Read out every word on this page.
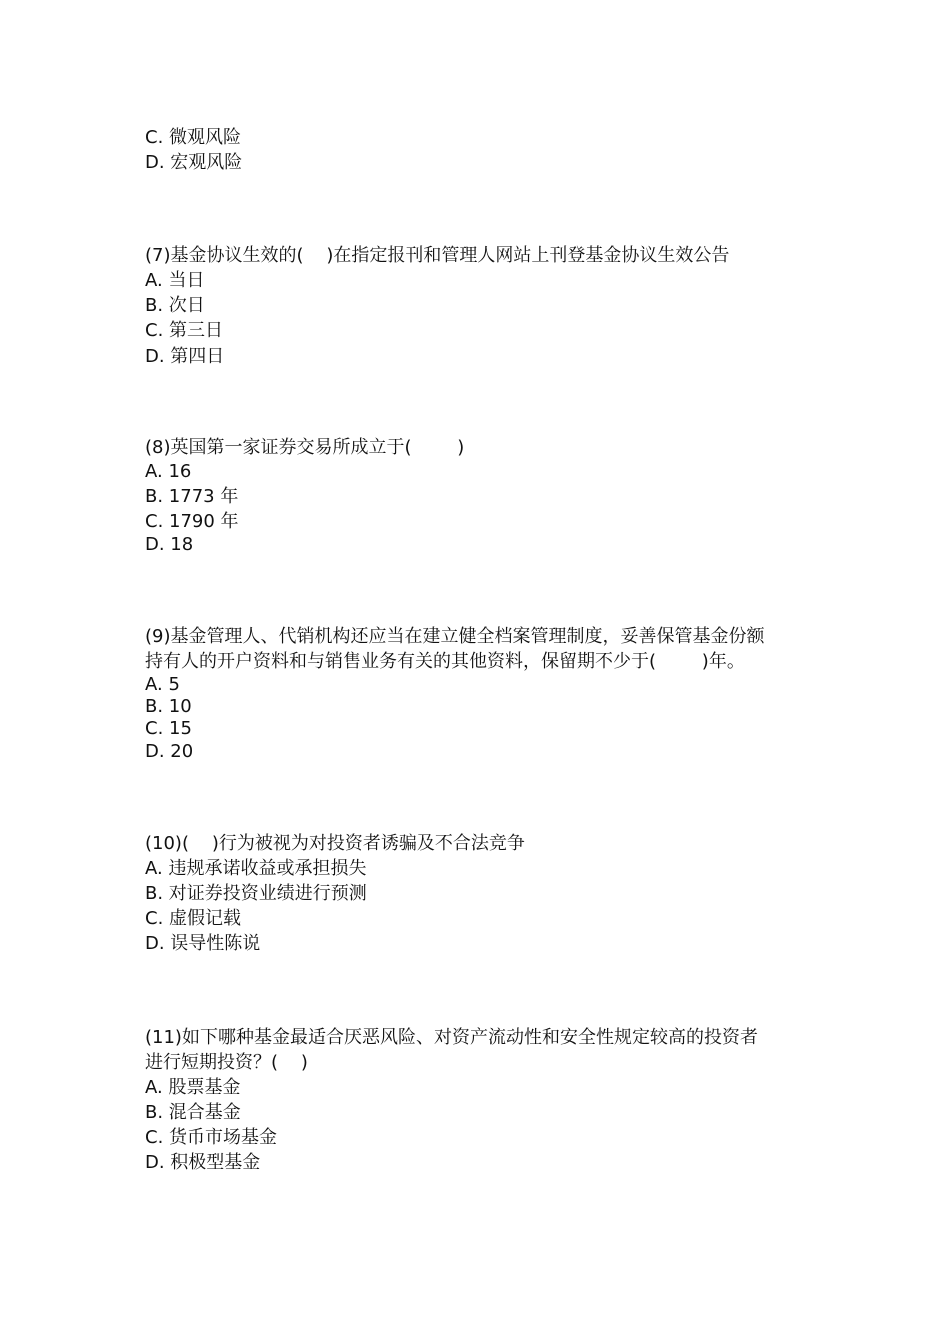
C. 微观风险
D. 宏观风险
(7)基金协议生效的(    )在指定报刊和管理人网站上刊登基金协议生效公告
A. 当日
B. 次日
C. 第三日
D. 第四日
(8)英国第一家证券交易所成立于(        )
A. 16
B. 1773 年
C. 1790 年
D. 18
(9)基金管理人、代销机构还应当在建立健全档案管理制度，妥善保管基金份额
持有人的开户资料和与销售业务有关的其他资料，保留期不少于(        )年。
A. 5
B. 10
C. 15
D. 20
(10)(    )行为被视为对投资者诱骗及不合法竞争
A. 违规承诺收益或承担损失
B. 对证券投资业绩进行预测
C. 虚假记载
D. 误导性陈说
(11)如下哪种基金最适合厌恶风险、对资产流动性和安全性规定较高的投资者
进行短期投资？(    )
A. 股票基金
B. 混合基金
C. 货币市场基金
D. 积极型基金
